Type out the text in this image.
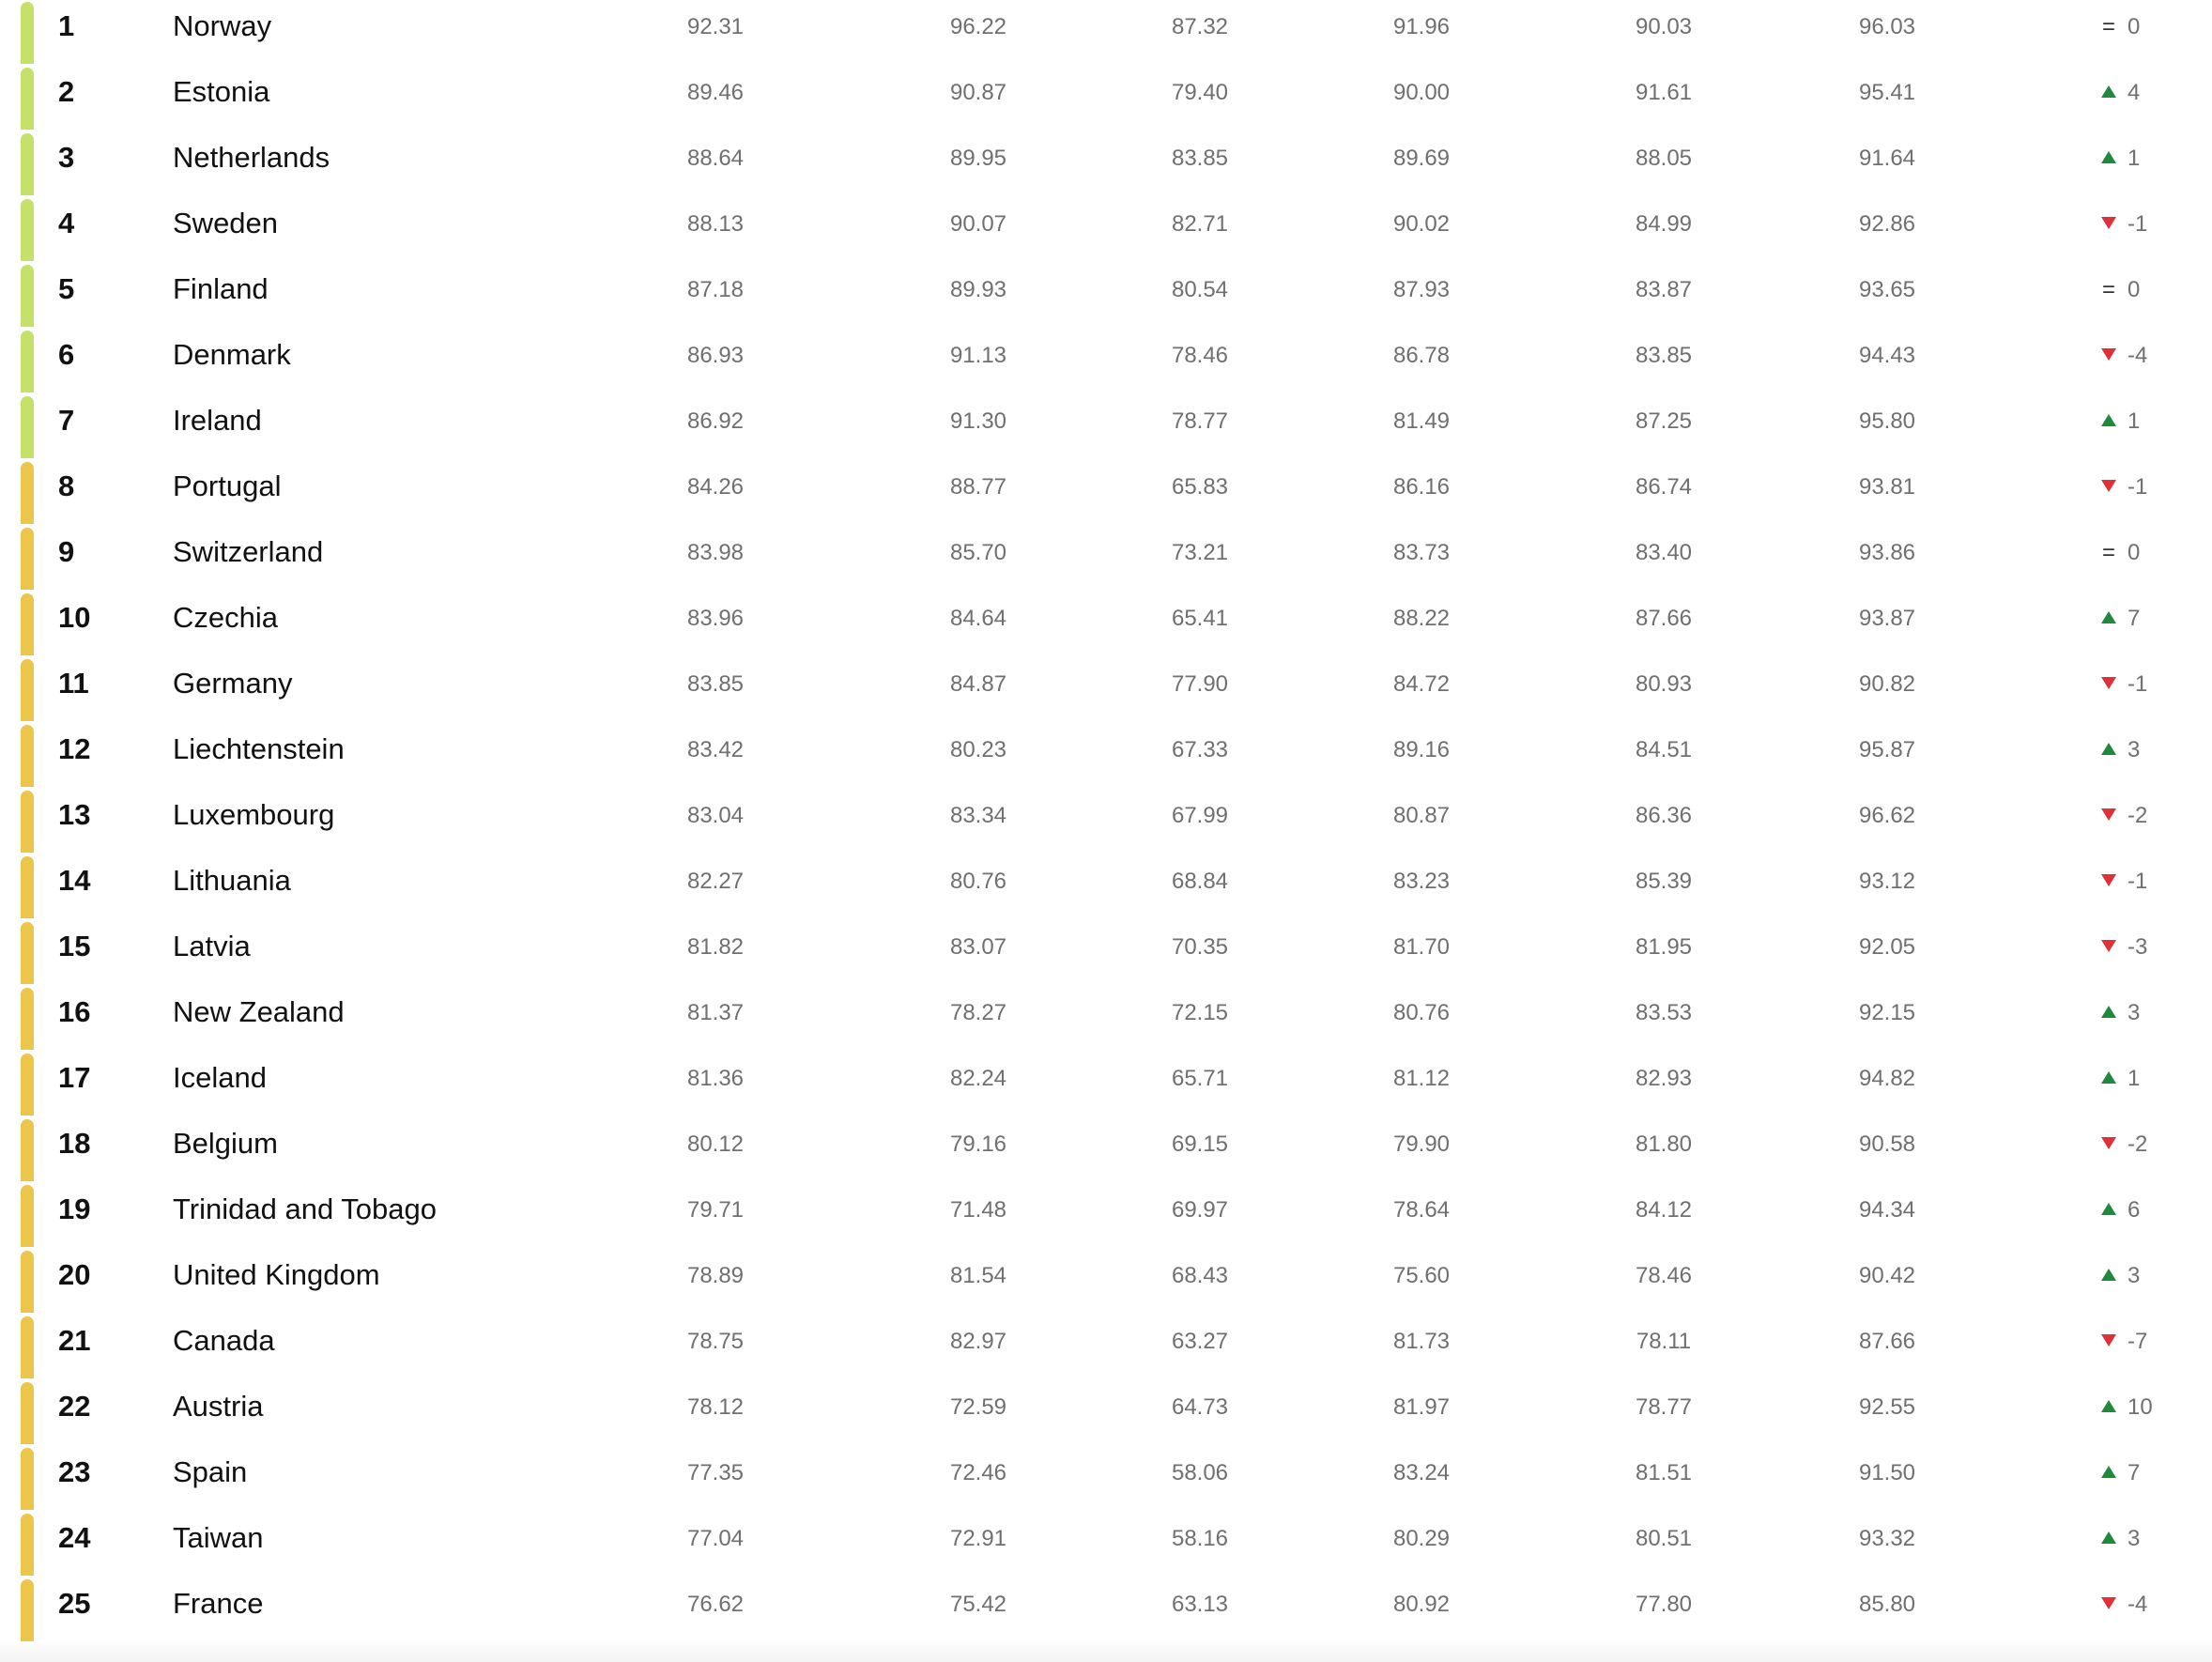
1	Norway	92.31	96.22	87.32	91.96	90.03	96.03	= 0
2	Estonia	89.46	90.87	79.40	90.00	91.61	95.41	4
3	Netherlands	88.64	89.95	83.85	89.69	88.05	91.64	1
4	Sweden	88.13	90.07	82.71	90.02	84.99	92.86	-1
5	Finland	87.18	89.93	80.54	87.93	83.87	93.65	= 0
6	Denmark	86.93	91.13	78.46	86.78	83.85	94.43	-4
7	Ireland	86.92	91.30	78.77	81.49	87.25	95.80	1
8	Portugal	84.26	88.77	65.83	86.16	86.74	93.81	-1
9	Switzerland	83.98	85.70	73.21	83.73	83.40	93.86	= 0
10	Czechia	83.96	84.64	65.41	88.22	87.66	93.87	7
11	Germany	83.85	84.87	77.90	84.72	80.93	90.82	-1
12	Liechtenstein	83.42	80.23	67.33	89.16	84.51	95.87	3
13	Luxembourg	83.04	83.34	67.99	80.87	86.36	96.62	-2
14	Lithuania	82.27	80.76	68.84	83.23	85.39	93.12	-1
15	Latvia	81.82	83.07	70.35	81.70	81.95	92.05	-3
16	New Zealand	81.37	78.27	72.15	80.76	83.53	92.15	3
17	Iceland	81.36	82.24	65.71	81.12	82.93	94.82	1
18	Belgium	80.12	79.16	69.15	79.90	81.80	90.58	-2
19	Trinidad and Tobago	79.71	71.48	69.97	78.64	84.12	94.34	6
20	United Kingdom	78.89	81.54	68.43	75.60	78.46	90.42	3
21	Canada	78.75	82.97	63.27	81.73	78.11	87.66	-7
22	Austria	78.12	72.59	64.73	81.97	78.77	92.55	10
23	Spain	77.35	72.46	58.06	83.24	81.51	91.50	7
24	Taiwan	77.04	72.91	58.16	80.29	80.51	93.32	3
25	France	76.62	75.42	63.13	80.92	77.80	85.80	-4
